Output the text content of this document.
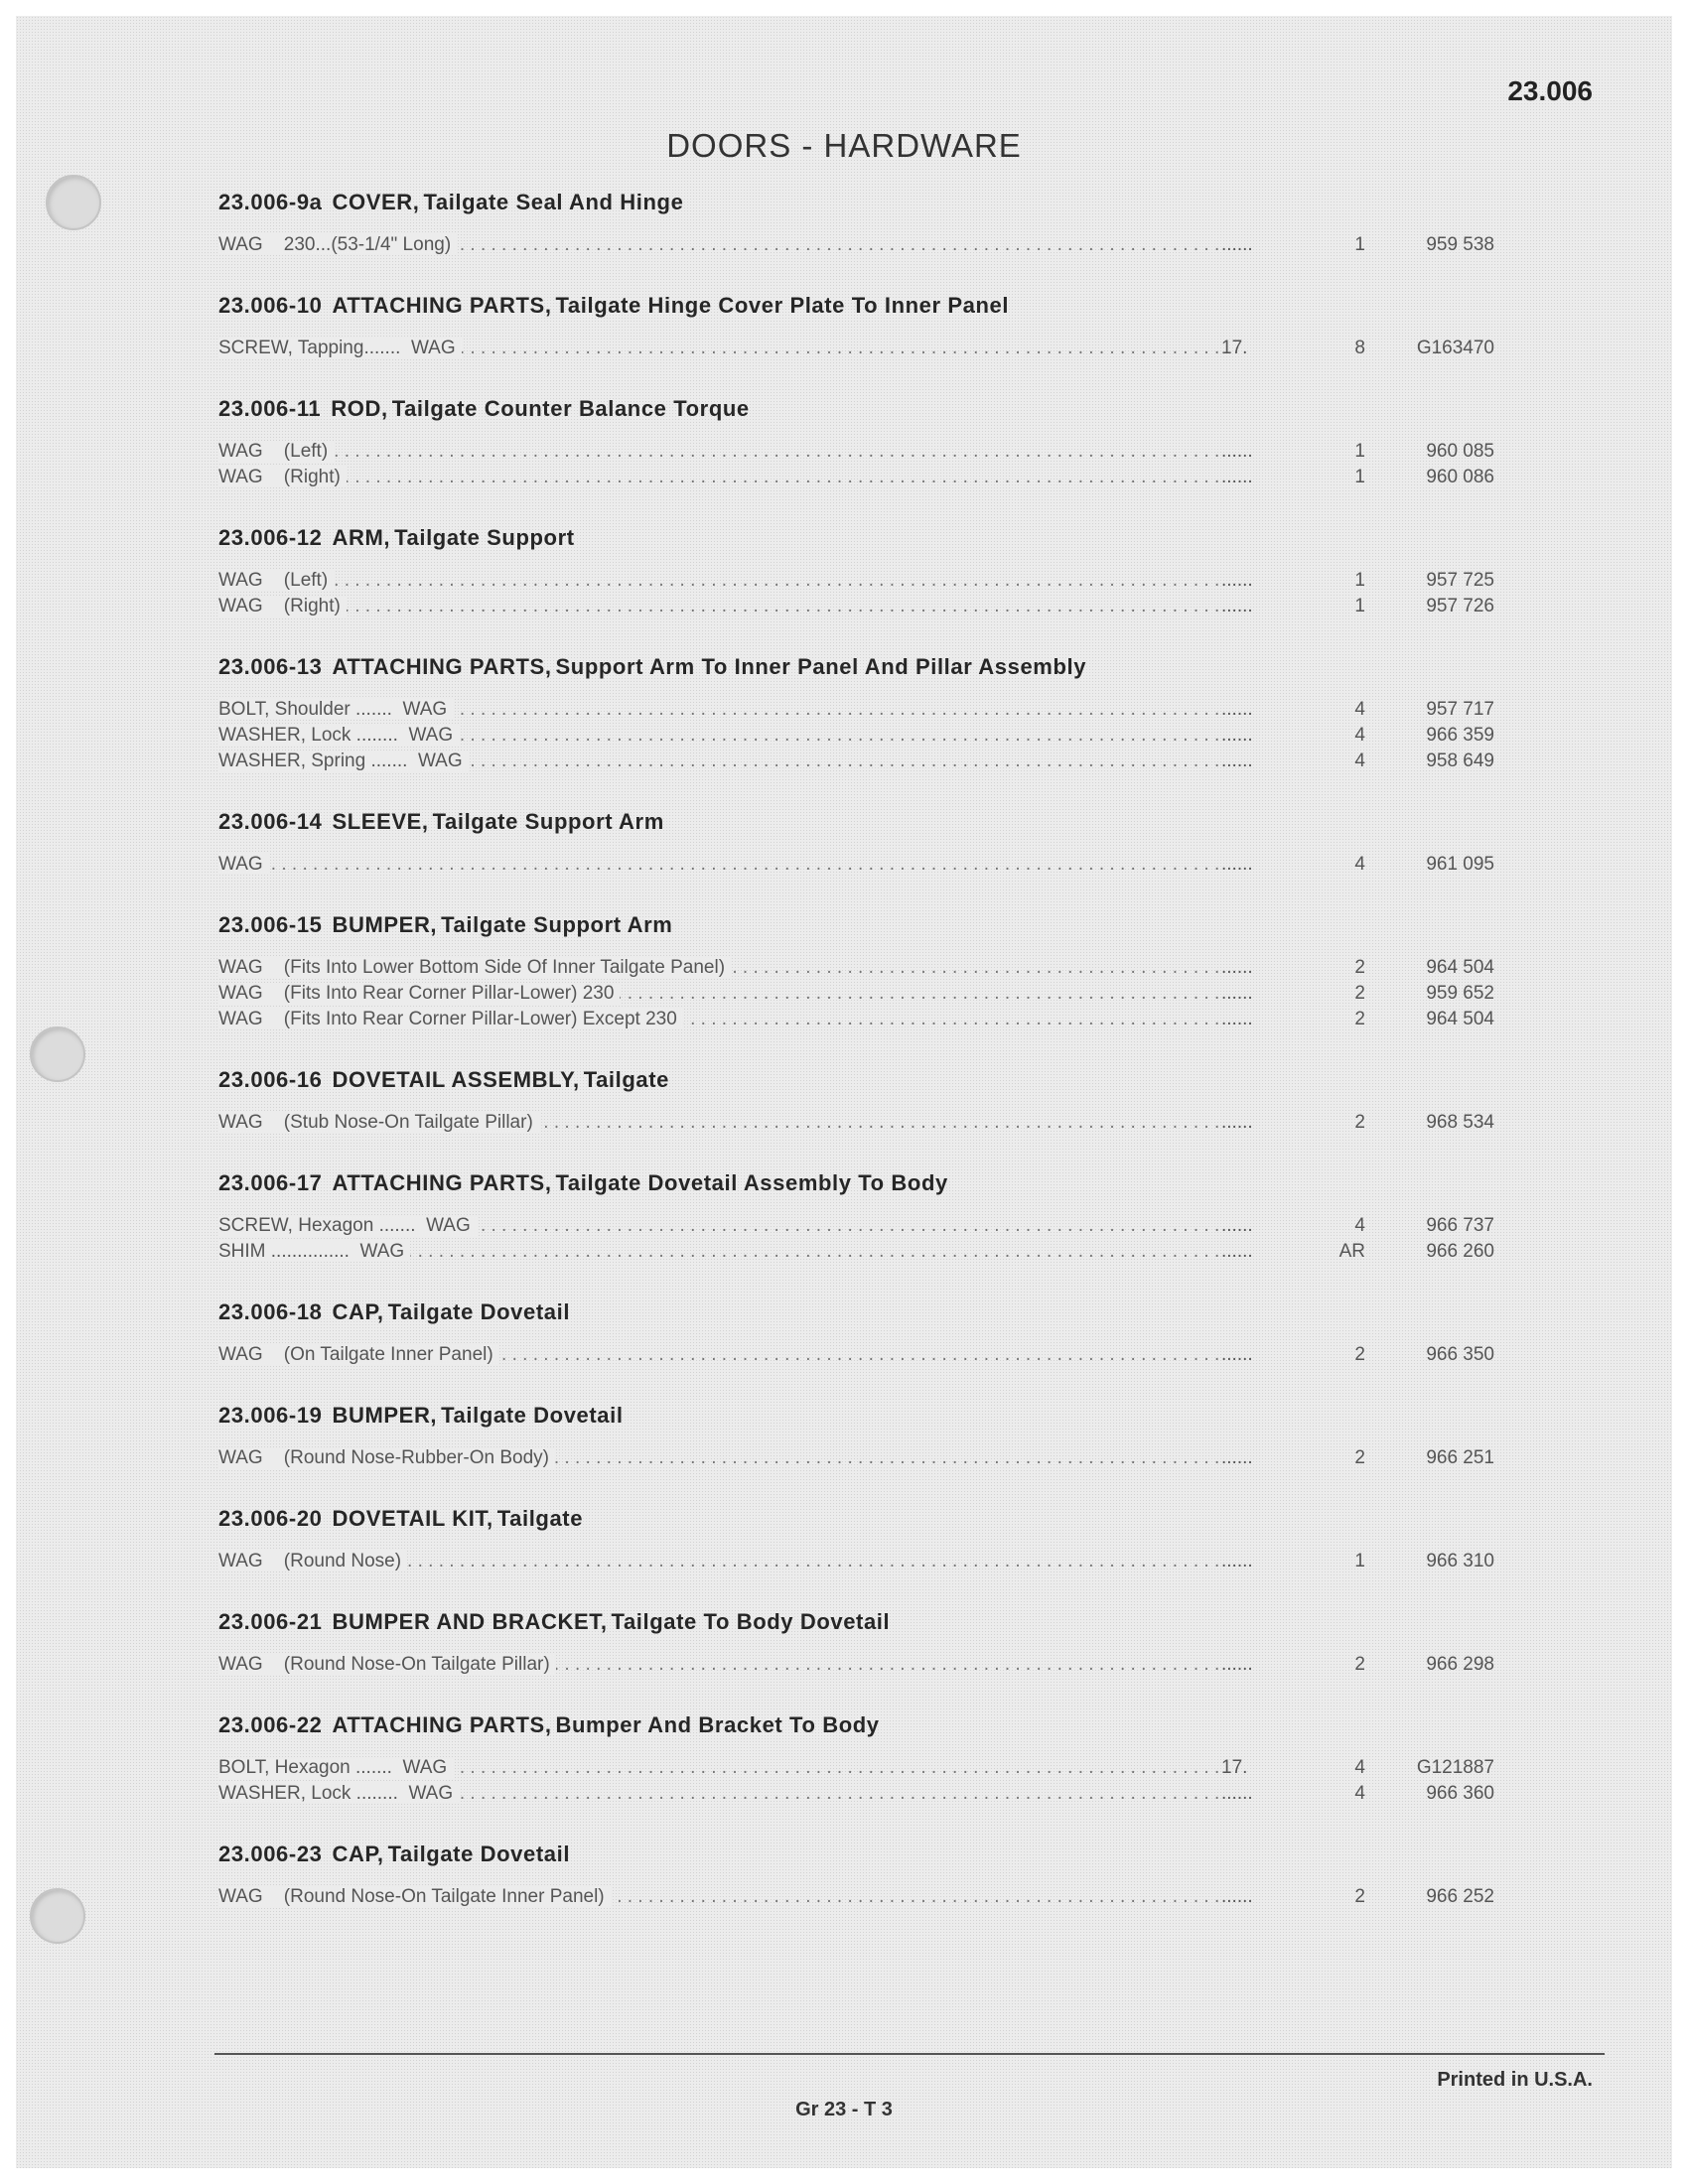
23.006
DOORS - HARDWARE
23.006-9a COVER, Tailgate Seal And Hinge
WAG    230...(53-1/4" Long) . . .	......	1	959 538
23.006-10 ATTACHING PARTS, Tailgate Hinge Cover Plate To Inner Panel
SCREW, Tapping.......  WAG . . .	17.	8	G163470
23.006-11 ROD, Tailgate Counter Balance Torque
WAG    (Left) . . .	......	1	960 085
WAG    (Right) . . .	......	1	960 086
23.006-12 ARM, Tailgate Support
WAG    (Left) . . .	......	1	957 725
WAG    (Right) . . .	......	1	957 726
23.006-13 ATTACHING PARTS, Support Arm To Inner Panel And Pillar Assembly
BOLT, Shoulder .......  WAG . . .	......	4	957 717
WASHER, Lock ........  WAG . . .	......	4	966 359
WASHER, Spring .......  WAG . . .	......	4	958 649
23.006-14 SLEEVE, Tailgate Support Arm
WAG . . .	......	4	961 095
23.006-15 BUMPER, Tailgate Support Arm
WAG    (Fits Into Lower Bottom Side Of Inner Tailgate Panel) . . .	......	2	964 504
WAG    (Fits Into Rear Corner Pillar-Lower) 230 . . .	......	2	959 652
WAG    (Fits Into Rear Corner Pillar-Lower) Except 230 . . .	......	2	964 504
23.006-16 DOVETAIL ASSEMBLY, Tailgate
WAG    (Stub Nose-On Tailgate Pillar) . . .	......	2	968 534
23.006-17 ATTACHING PARTS, Tailgate Dovetail Assembly To Body
SCREW, Hexagon .......  WAG . . .	......	4	966 737
SHIM ...............  WAG . . .	......	AR	966 260
23.006-18 CAP, Tailgate Dovetail
WAG    (On Tailgate Inner Panel) . . .	......	2	966 350
23.006-19 BUMPER, Tailgate Dovetail
WAG    (Round Nose-Rubber-On Body) . . .	......	2	966 251
23.006-20 DOVETAIL KIT, Tailgate
WAG    (Round Nose) . . .	......	1	966 310
23.006-21 BUMPER AND BRACKET, Tailgate To Body Dovetail
WAG    (Round Nose-On Tailgate Pillar) . . .	......	2	966 298
23.006-22 ATTACHING PARTS, Bumper And Bracket To Body
BOLT, Hexagon .......  WAG . . .	17.	4	G121887
WASHER, Lock ........  WAG . . .	......	4	966 360
23.006-23 CAP, Tailgate Dovetail
WAG    (Round Nose-On Tailgate Inner Panel) . . .	......	2	966 252
Printed in U.S.A.
Gr 23 - T 3
